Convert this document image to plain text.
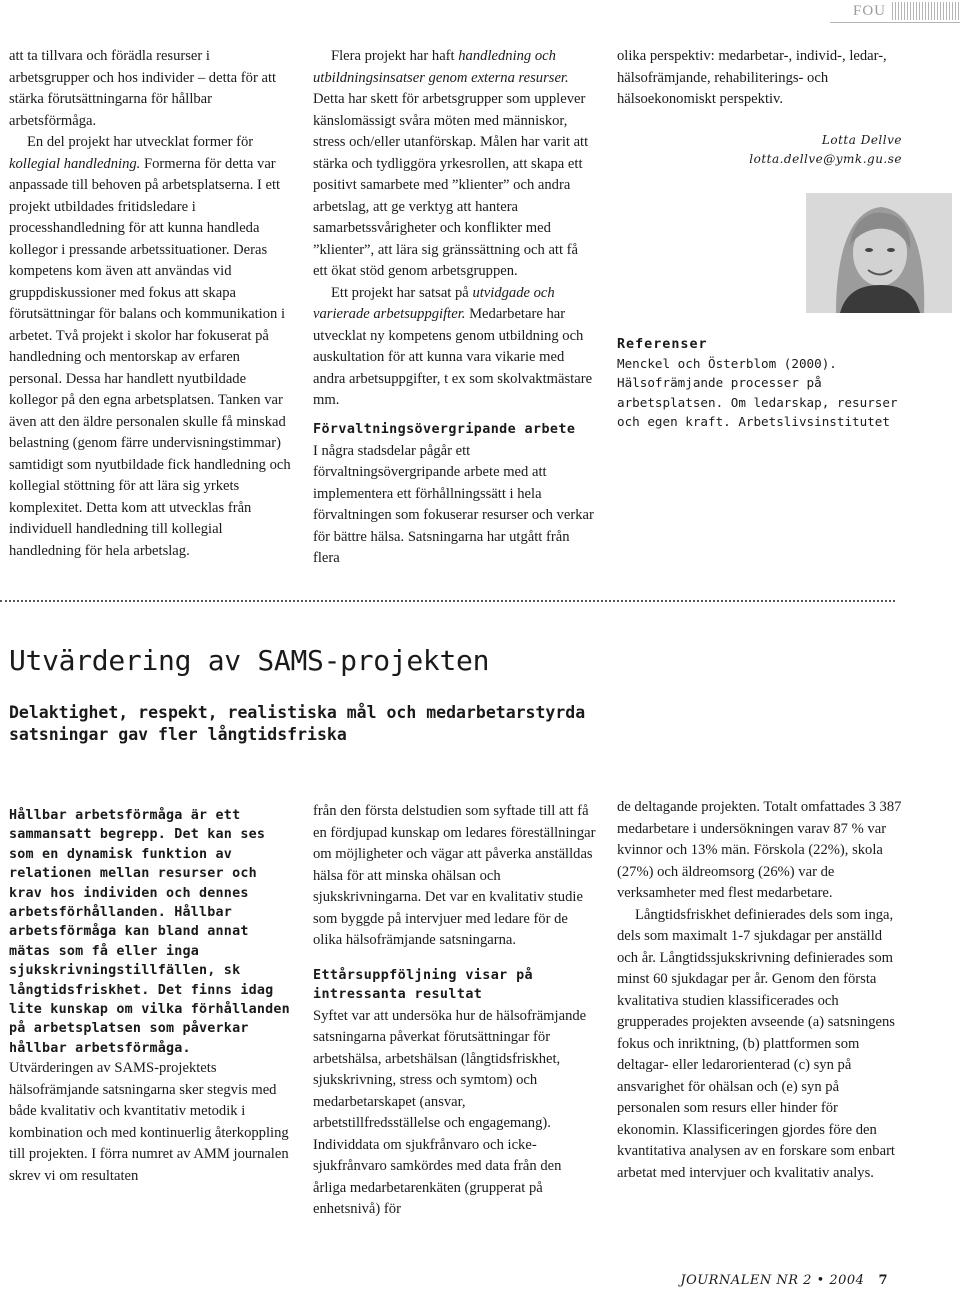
FOU

att ta tillvara och förädla resurser i arbetsgrupper och hos individer – detta för att stärka förutsättningarna för hållbar arbetsförmåga.

En del projekt har utvecklat former för kollegial handledning. Formerna för detta var anpassade till behoven på arbetsplatserna. I ett projekt utbildades fritidsledare i processhandledning för att kunna handleda kollegor i pressande arbetssituationer. Deras kompetens kom även att användas vid gruppdiskussioner med fokus att skapa förutsättningar för balans och kommunikation i arbetet. Två projekt i skolor har fokuserat på handledning och mentorskap av erfaren personal. Dessa har handlett nyutbildade kollegor på den egna arbetsplatsen. Tanken var även att den äldre personalen skulle få minskad belastning (genom färre undervisningstimmar) samtidigt som nyutbildade fick handledning och kollegial stöttning för att lära sig yrkets komplexitet. Detta kom att utvecklas från individuell handledning till kollegial handledning för hela arbetslag.

Flera projekt har haft handledning och utbildningsinsatser genom externa resurser. Detta har skett för arbetsgrupper som upplever känslomässigt svåra möten med människor, stress och/eller utanförskap. Målen har varit att stärka och tydliggöra yrkesrollen, att skapa ett positivt samarbete med ”klienter” och andra arbetslag, att ge verktyg att hantera samarbetssvårigheter och konflikter med ”klienter”, att lära sig gränssättning och att få ett ökat stöd genom arbetsgruppen.

Ett projekt har satsat på utvidgade och varierade arbetsuppgifter. Medarbetare har utvecklat ny kompetens genom utbildning och auskultation för att kunna vara vikarie med andra arbetsuppgifter, t ex som skolvaktmästare mm.

Förvaltningsövergripande arbete

I några stadsdelar pågår ett förvaltningsövergripande arbete med att implementera ett förhållningssätt i hela förvaltningen som fokuserar resurser och verkar för bättre hälsa. Satsningarna har utgått från flera

olika perspektiv: medarbetar-, individ-, ledar-, hälsofrämjande, rehabiliterings- och hälsoekonomiskt perspektiv.

Lotta Dellve
lotta.dellve@ymk.gu.se
Referenser
Menckel och Österblom (2000). Hälsofrämjande processer på arbetsplatsen. Om ledarskap, resurser och egen kraft. Arbetslivsinstitutet
Utvärdering av SAMS-projekten
Delaktighet, respekt, realistiska mål och medarbetarstyrda satsningar gav fler långtidsfriska

Hållbar arbetsförmåga är ett sammansatt begrepp. Det kan ses som en dynamisk funktion av relationen mellan resurser och krav hos individen och dennes arbetsförhållanden. Hållbar arbetsförmåga kan bland annat mätas som få eller inga sjukskrivningstillfällen, sk långtidsfriskhet. Det finns idag lite kunskap om vilka förhållanden på arbetsplatsen som påverkar hållbar arbetsförmåga.

Utvärderingen av SAMS-projektets hälsofrämjande satsningarna sker stegvis med både kvalitativ och kvantitativ metodik i kombination och med kontinuerlig återkoppling till projekten. I förra numret av AMM journalen skrev vi om resultaten

från den första delstudien som syftade till att få en fördjupad kunskap om ledares föreställningar om möjligheter och vägar att påverka anställdas hälsa för att minska ohälsan och sjukskrivningarna. Det var en kvalitativ studie som byggde på intervjuer med ledare för de olika hälsofrämjande satsningarna.

Ettårsuppföljning visar på intressanta resultat

Syftet var att undersöka hur de hälsofrämjande satsningarna påverkat förutsättningar för arbetshälsa, arbetshälsan (långtidsfriskhet, sjukskrivning, stress och symtom) och medarbetarskapet (ansvar, arbetstillfredsställelse och engagemang). Individdata om sjukfrånvaro och icke-sjukfrånvaro samkördes med data från den årliga medarbetarenkäten (grupperat på enhetsnivå) för

de deltagande projekten. Totalt omfattades 3 387 medarbetare i undersökningen varav 87 % var kvinnor och 13% män. Förskola (22%), skola (27%) och äldreomsorg (26%) var de verksamheter med flest medarbetare.

Långtidsfriskhet definierades dels som inga, dels som maximalt 1-7 sjukdagar per anställd och år. Långtidssjukskrivning definierades som minst 60 sjukdagar per år. Genom den första kvalitativa studien klassificerades och grupperades projekten avseende (a) satsningens fokus och inriktning, (b) plattformen som deltagar- eller ledarorienterad (c) syn på ansvarighet för ohälsan och (e) syn på personalen som resurs eller hinder för ekonomin. Klassificeringen gjordes före den kvantitativa analysen av en forskare som enbart arbetat med intervjuer och kvalitativ analys.

JOURNALEN NR 2 • 2004 7
